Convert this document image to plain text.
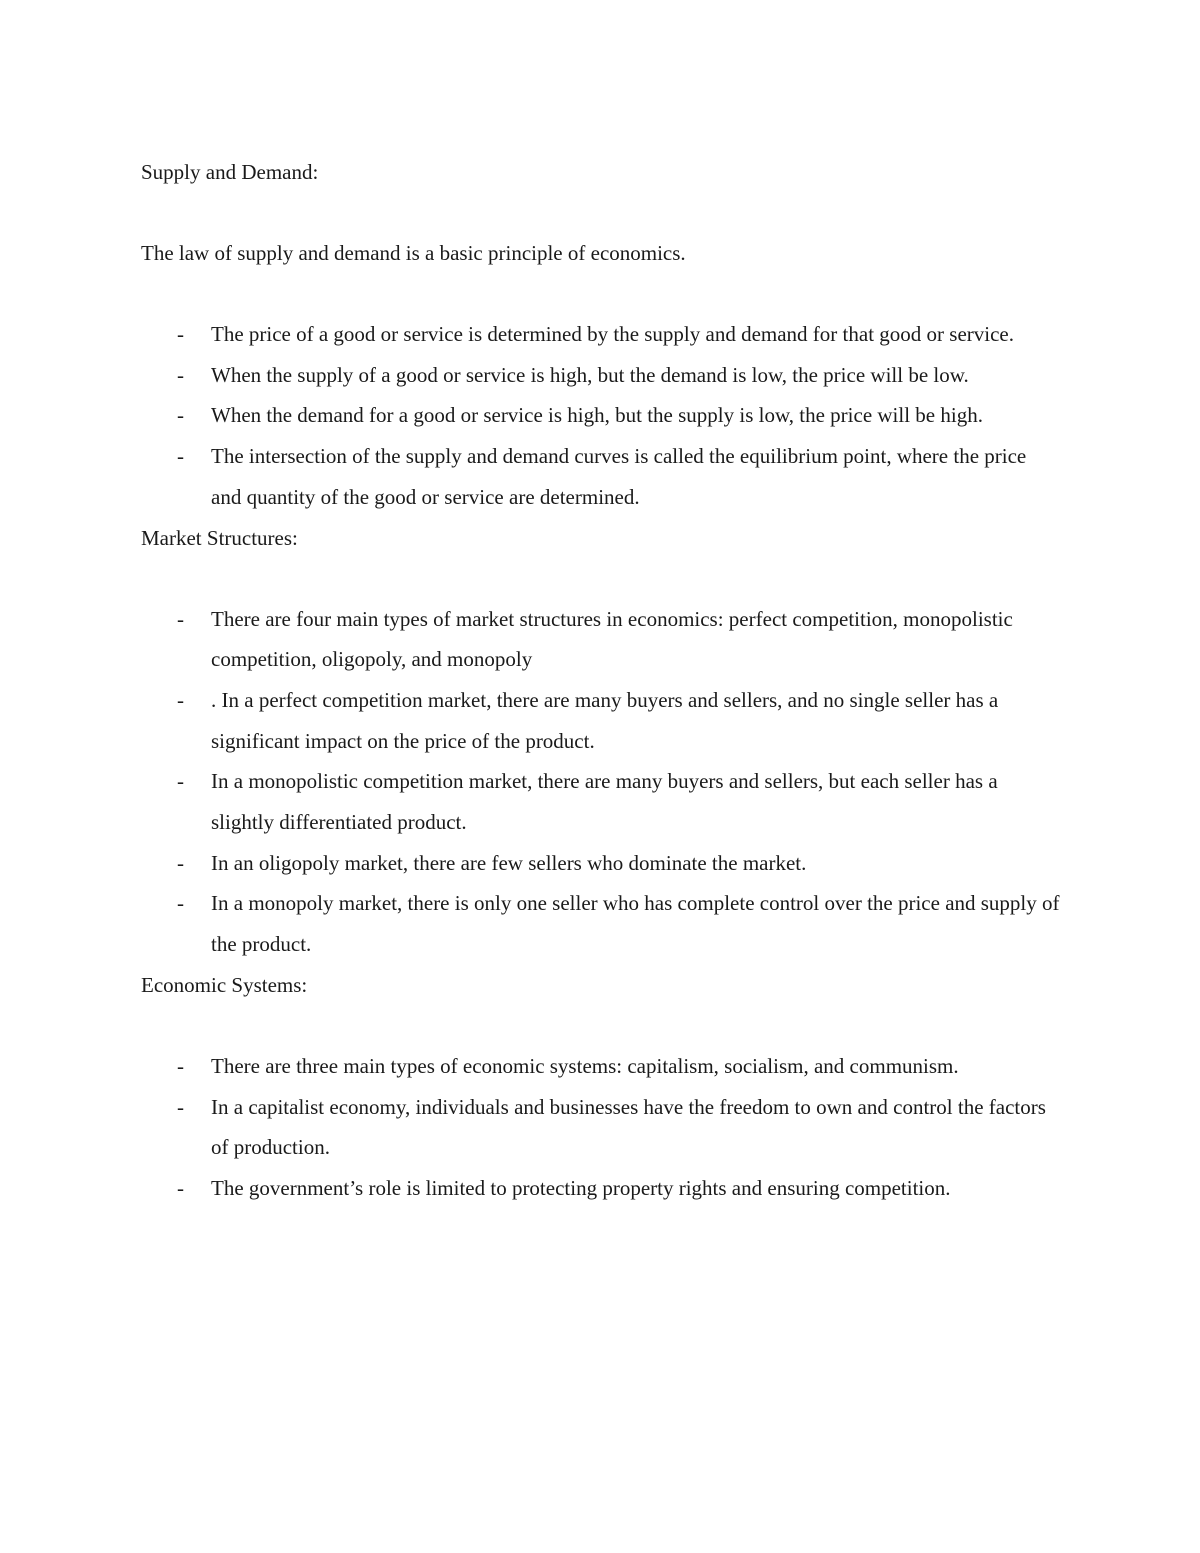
Supply and Demand:

The law of supply and demand is a basic principle of economics.

- The price of a good or service is determined by the supply and demand for that good or service.
- When the supply of a good or service is high, but the demand is low, the price will be low.
- When the demand for a good or service is high, but the supply is low, the price will be high.
- The intersection of the supply and demand curves is called the equilibrium point, where the price and quantity of the good or service are determined.

Market Structures:

- There are four main types of market structures in economics: perfect competition, monopolistic competition, oligopoly, and monopoly
- . In a perfect competition market, there are many buyers and sellers, and no single seller has a significant impact on the price of the product.
- In a monopolistic competition market, there are many buyers and sellers, but each seller has a slightly differentiated product.
- In an oligopoly market, there are few sellers who dominate the market.
- In a monopoly market, there is only one seller who has complete control over the price and supply of the product.

Economic Systems:

- There are three main types of economic systems: capitalism, socialism, and communism.
- In a capitalist economy, individuals and businesses have the freedom to own and control the factors of production.
- The government’s role is limited to protecting property rights and ensuring competition.
